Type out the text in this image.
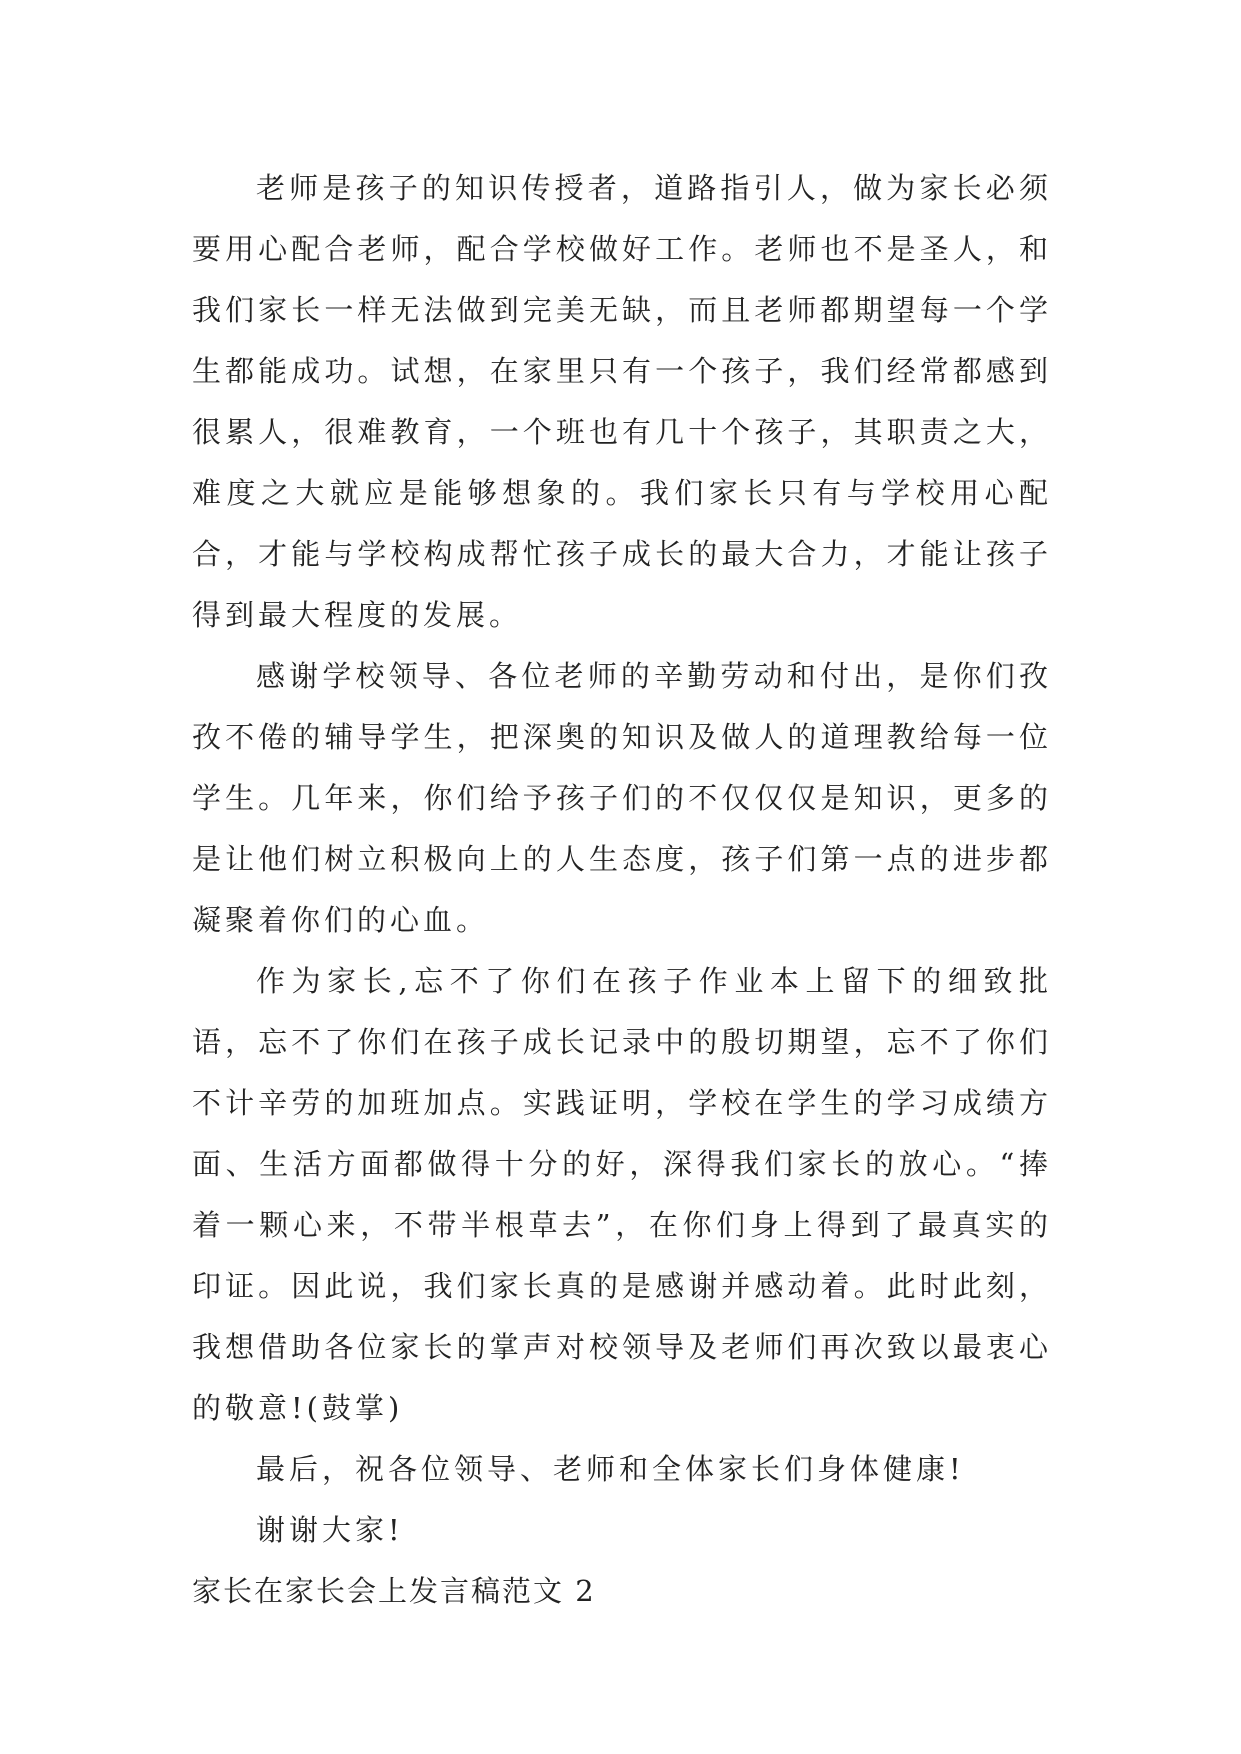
老师是孩子的知识传授者，道路指引人，做为家长必须要用心配合老师，配合学校做好工作。老师也不是圣人，和我们家长一样无法做到完美无缺，而且老师都期望每一个学生都能成功。试想，在家里只有一个孩子，我们经常都感到很累人，很难教育，一个班也有几十个孩子，其职责之大，难度之大就应是能够想象的。我们家长只有与学校用心配合，才能与学校构成帮忙孩子成长的最大合力，才能让孩子得到最大程度的发展。

感谢学校领导、各位老师的辛勤劳动和付出，是你们孜孜不倦的辅导学生，把深奥的知识及做人的道理教给每一位学生。几年来，你们给予孩子们的不仅仅仅是知识，更多的是让他们树立积极向上的人生态度，孩子们第一点的进步都凝聚着你们的心血。

作为家长,忘不了你们在孩子作业本上留下的细致批语，忘不了你们在孩子成长记录中的殷切期望，忘不了你们不计辛劳的加班加点。实践证明，学校在学生的学习成绩方面、生活方面都做得十分的好，深得我们家长的放心。“捧着一颗心来，不带半根草去”，在你们身上得到了最真实的印证。因此说，我们家长真的是感谢并感动着。此时此刻，我想借助各位家长的掌声对校领导及老师们再次致以最衷心的敬意!(鼓掌)

最后，祝各位领导、老师和全体家长们身体健康!

谢谢大家!

家长在家长会上发言稿范文 2
